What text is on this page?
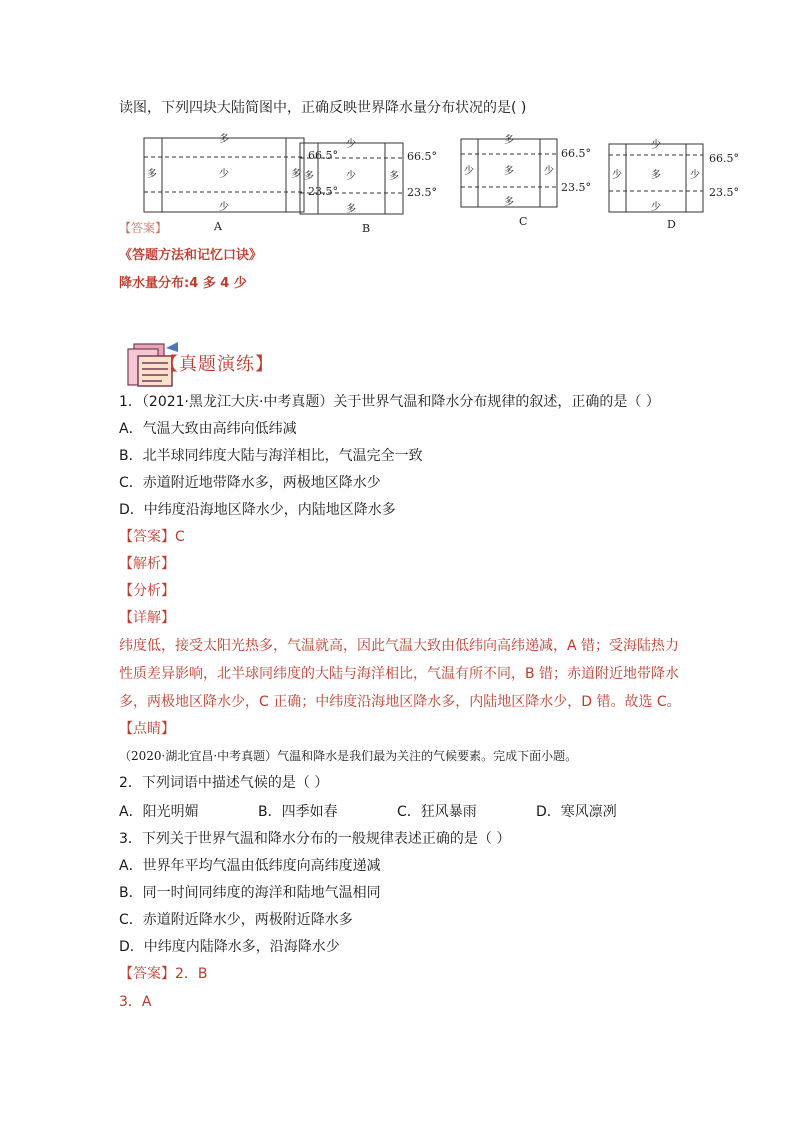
读图，下列四块大陆简图中，正确反映世界降水量分布状况的是( )
多
多	少	多
少
66.5°
23.5°
A
少
多	少	多
多
66.5°
23.5°
B
多
少	多	少
多
66.5°
23.5°
C
少
少	多	少
少
66.5°
23.5°
D
【答案】
《答题方法和记忆口诀》
降水量分布:4 多 4 少
【真题演练】
1．（2021·黑龙江大庆·中考真题）关于世界气温和降水分布规律的叙述，正确的是（ ）
A．气温大致由高纬向低纬减
B．北半球同纬度大陆与海洋相比，气温完全一致
C．赤道附近地带降水多，两极地区降水少
D．中纬度沿海地区降水少，内陆地区降水多
【答案】C
【解析】
【分析】
【详解】
纬度低，接受太阳光热多，气温就高，因此气温大致由低纬向高纬递减，A 错；受海陆热力
性质差异影响，北半球同纬度的大陆与海洋相比，气温有所不同，B 错；赤道附近地带降水
多，两极地区降水少，C 正确；中纬度沿海地区降水多，内陆地区降水少，D 错。故选 C。
【点睛】
（2020·湖北宜昌·中考真题）气温和降水是我们最为关注的气候要素。完成下面小题。
2．下列词语中描述气候的是（ ）
A．阳光明媚	B．四季如春	C．狂风暴雨	D．寒风凛冽
3．下列关于世界气温和降水分布的一般规律表述正确的是（ ）
A．世界年平均气温由低纬度向高纬度递减
B．同一时间同纬度的海洋和陆地气温相同
C．赤道附近降水少，两极附近降水多
D．中纬度内陆降水多，沿海降水少
【答案】2．B
3．A
